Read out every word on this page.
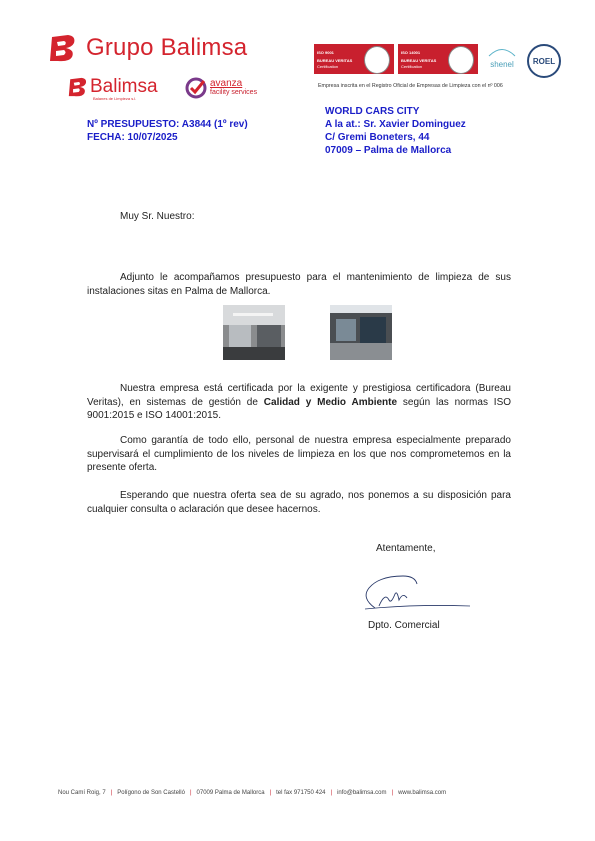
Grupo Balimsa
Balimsa
Balanes de Limpieza s.l.
avanza
facility services
ISO 9001
BUREAU VERITAS
Certification
ISO 14001
BUREAU VERITAS
Certification	shenel	ROEL
Empresa inscrita en el Registro Oficial de Empresas de Limpieza con el nº 006
WORLD CARS CITY
A la at.: Sr. Xavier Dominguez
C/ Gremi Boneters, 44
07009 – Palma de Mallorca
Nº PRESUPUESTO: A3844 (1º rev)
FECHA: 10/07/2025
Muy Sr. Nuestro:
Adjunto le acompañamos presupuesto para el mantenimiento de limpieza de sus instalaciones sitas en Palma de Mallorca.
Nuestra empresa está certificada por la exigente y prestigiosa certificadora (Bureau Veritas), en sistemas de gestión de Calidad y Medio Ambiente según las normas ISO 9001:2015 e ISO 14001:2015.
Como garantía de todo ello, personal de nuestra empresa especialmente preparado supervisará el cumplimiento de los niveles de limpieza en los que nos comprometemos en la presente oferta.
Esperando que nuestra oferta sea de su agrado, nos ponemos a su disposición para cualquier consulta o aclaración que desee hacernos.
Atentamente,
Dpto. Comercial
Nou Camí Roig, 7 | Polígono de Son Castelló | 07009 Palma de Mallorca | tel fax 971750 424 | info@balimsa.com | www.balimsa.com
